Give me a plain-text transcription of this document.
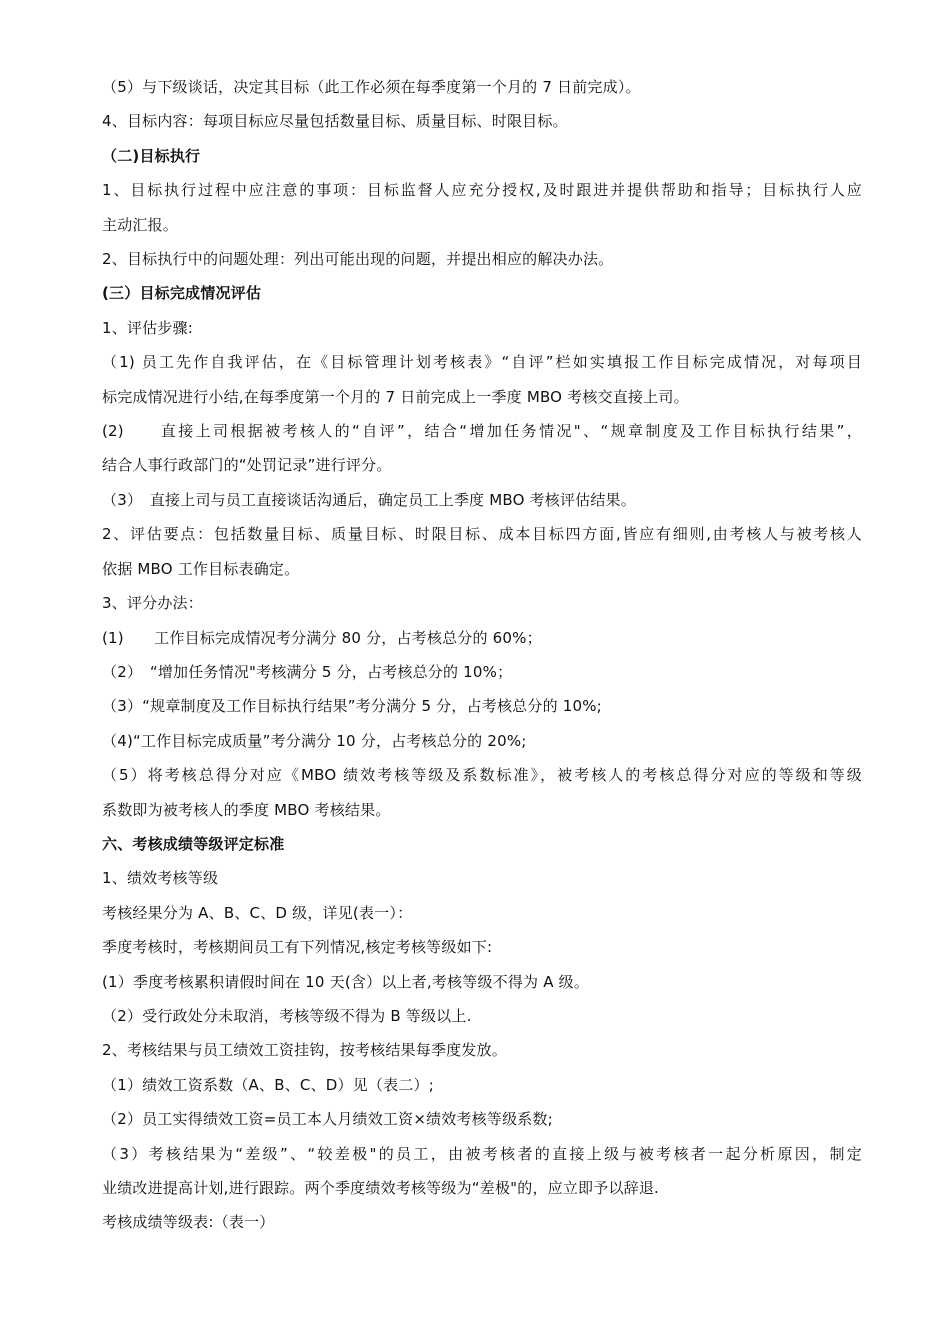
（5）与下级谈话，决定其目标（此工作必须在每季度第一个月的 7 日前完成）。
4、目标内容：每项目标应尽量包括数量目标、质量目标、时限目标。
（二)目标执行
1、目标执行过程中应注意的事项：目标监督人应充分授权,及时跟进并提供帮助和指导；目标执行人应
主动汇报。
2、目标执行中的问题处理：列出可能出现的问题，并提出相应的解决办法。
(三）目标完成情况评估
1、评估步骤:
（1) 员工先作自我评估，在《目标管理计划考核表》“自评”栏如实填报工作目标完成情况，对每项目
标完成情况进行小结,在每季度第一个月的 7 日前完成上一季度 MBO 考核交直接上司。
(2)　　直接上司根据被考核人的“自评”，结合“增加任务情况"、“规章制度及工作目标执行结果”，
结合人事行政部门的“处罚记录”进行评分。
（3）　直接上司与员工直接谈话沟通后，确定员工上季度 MBO 考核评估结果。
2、评估要点：包括数量目标、质量目标、时限目标、成本目标四方面,皆应有细则,由考核人与被考核人
依据 MBO 工作目标表确定。
3、评分办法：
(1)　　工作目标完成情况考分满分 80 分，占考核总分的 60%；
（2）　“增加任务情况"考核满分 5 分，占考核总分的 10%；
（3）“规章制度及工作目标执行结果”考分满分 5 分，占考核总分的 10%;
（4)“工作目标完成质量”考分满分 10 分，占考核总分的 20%;
（5）将考核总得分对应《MBO 绩效考核等级及系数标准》，被考核人的考核总得分对应的等级和等级
系数即为被考核人的季度 MBO 考核结果。
六、考核成绩等级评定标准
1、绩效考核等级
考核经果分为 A、B、C、D 级，详见(表一）：
季度考核时，考核期间员工有下列情况,核定考核等级如下:
(1）季度考核累积请假时间在 10 天(含）以上者,考核等级不得为 A 级。
（2）受行政处分未取消，考核等级不得为 B 等级以上.
2、考核结果与员工绩效工资挂钩，按考核结果每季度发放。
（1）绩效工资系数（A、B、C、D）见（表二）;
（2）员工实得绩效工资=员工本人月绩效工资×绩效考核等级系数;
（3）考核结果为“差级”、“较差极"的员工，由被考核者的直接上级与被考核者一起分析原因，制定
业绩改进提高计划,进行跟踪。两个季度绩效考核等级为“差极"的，应立即予以辞退.
考核成绩等级表:（表一）
